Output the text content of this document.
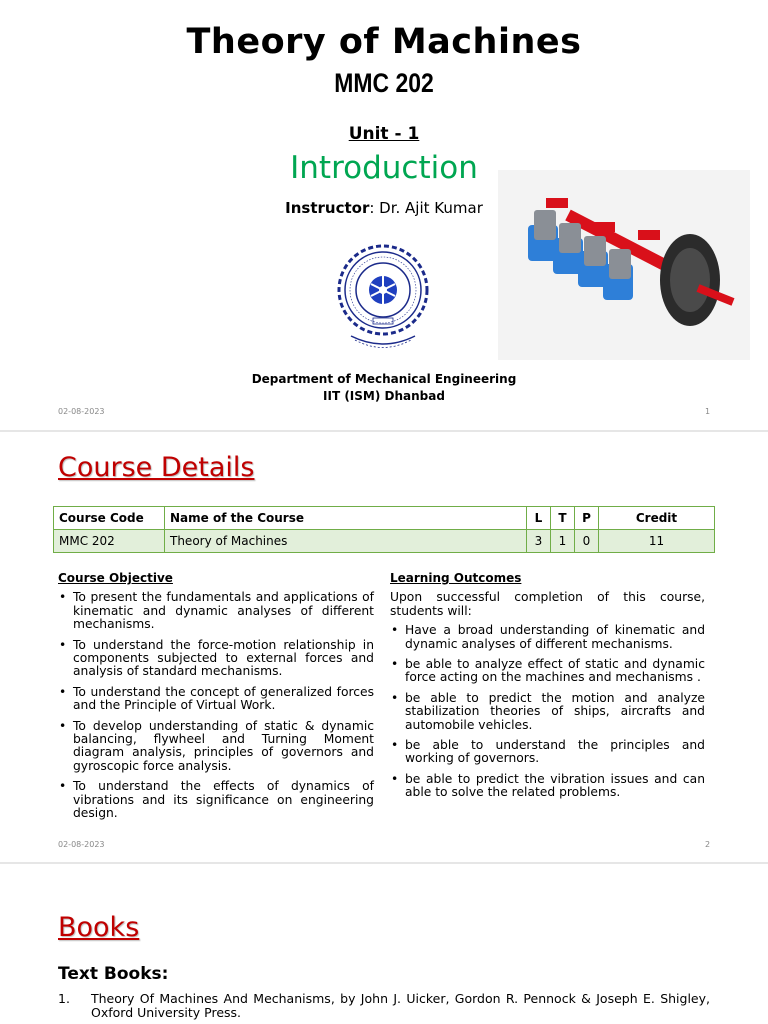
Theory of Machines
MMC 202
Unit - 1
Introduction
Instructor: Dr. Ajit Kumar
Department of Mechanical Engineering
IIT (ISM) Dhanbad
02-08-2023	1
Course Details
Course Code	Name of the Course	L	T	P	Credit
MMC 202	Theory of Machines	3	1	0	11
Course Objective
• To present the fundamentals and applications of kinematic and dynamic analyses of different mechanisms.
• To understand the force-motion relationship in components subjected to external forces and analysis of standard mechanisms.
• To understand the concept of generalized forces and the Principle of Virtual Work.
• To develop understanding of static & dynamic balancing, flywheel and Turning Moment diagram analysis, principles of governors and gyroscopic force analysis.
• To understand the effects of dynamics of vibrations and its significance on engineering design.
Learning Outcomes

Upon successful completion of this course, students will:

• Have a broad understanding of kinematic and dynamic analyses of different mechanisms.
• be able to analyze effect of static and dynamic force acting on the machines and mechanisms .
• be able to predict the motion and analyze stabilization theories of ships, aircrafts and automobile vehicles.
• be able to understand the principles and working of governors.
• be able to predict the vibration issues and can able to solve the related problems.
02-08-2023	2
Books
Text Books:
1. Theory Of Machines And Mechanisms, by John J. Uicker, Gordon R. Pennock & Joseph E. Shigley, Oxford University Press.
